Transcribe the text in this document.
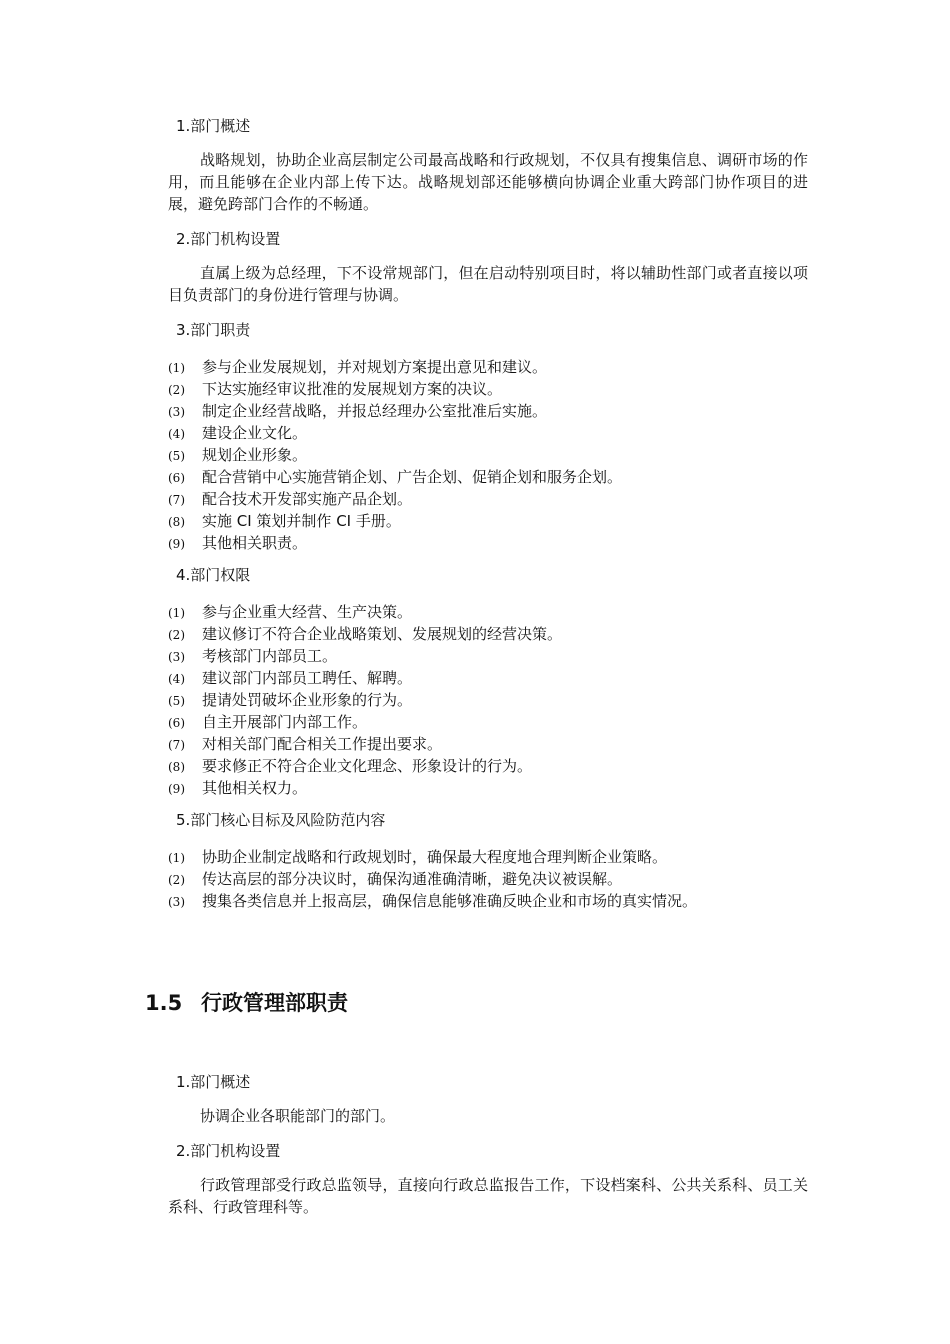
1.部门概述

战略规划，协助企业高层制定公司最高战略和行政规划，不仅具有搜集信息、调研市场的作用，而且能够在企业内部上传下达。战略规划部还能够横向协调企业重大跨部门协作项目的进展，避免跨部门合作的不畅通。

2.部门机构设置

直属上级为总经理，下不设常规部门，但在启动特别项目时，将以辅助性部门或者直接以项目负责部门的身份进行管理与协调。

3.部门职责

(1) 参与企业发展规划，并对规划方案提出意见和建议。
(2) 下达实施经审议批准的发展规划方案的决议。
(3) 制定企业经营战略，并报总经理办公室批准后实施。
(4) 建设企业文化。
(5) 规划企业形象。
(6) 配合营销中心实施营销企划、广告企划、促销企划和服务企划。
(7) 配合技术开发部实施产品企划。
(8) 实施 CI 策划并制作 CI 手册。
(9) 其他相关职责。

4.部门权限

(1) 参与企业重大经营、生产决策。
(2) 建议修订不符合企业战略策划、发展规划的经营决策。
(3) 考核部门内部员工。
(4) 建议部门内部员工聘任、解聘。
(5) 提请处罚破坏企业形象的行为。
(6) 自主开展部门内部工作。
(7) 对相关部门配合相关工作提出要求。
(8) 要求修正不符合企业文化理念、形象设计的行为。
(9) 其他相关权力。

5.部门核心目标及风险防范内容

(1) 协助企业制定战略和行政规划时，确保最大程度地合理判断企业策略。
(2) 传达高层的部分决议时，确保沟通准确清晰，避免决议被误解。
(3) 搜集各类信息并上报高层，确保信息能够准确反映企业和市场的真实情况。
1.5 行政管理部职责

1.部门概述

协调企业各职能部门的部门。

2.部门机构设置

行政管理部受行政总监领导，直接向行政总监报告工作，下设档案科、公共关系科、员工关系科、行政管理科等。
